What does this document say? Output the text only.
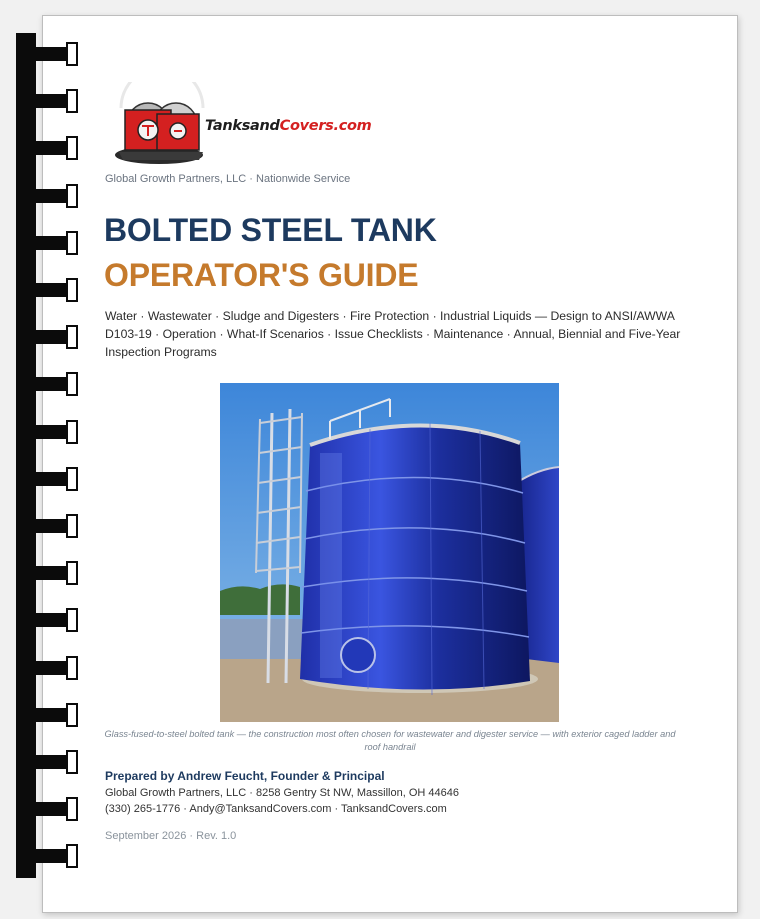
TanksandCovers.com
Global Growth Partners, LLC · Nationwide Service
BOLTED STEEL TANK
OPERATOR'S GUIDE
Water · Wastewater · Sludge and Digesters · Fire Protection · Industrial Liquids — Design to ANSI/AWWA D103-19 · Operation · What-If Scenarios · Issue Checklists · Maintenance · Annual, Biennial and Five-Year Inspection Programs
Glass-fused-to-steel bolted tank — the construction most often chosen for wastewater and digester service — with exterior caged ladder and roof handrail
Prepared by Andrew Feucht, Founder & Principal
Global Growth Partners, LLC · 8258 Gentry St NW, Massillon, OH 44646
(330) 265-1776 · Andy@TanksandCovers.com · TanksandCovers.com
September 2026 · Rev. 1.0
